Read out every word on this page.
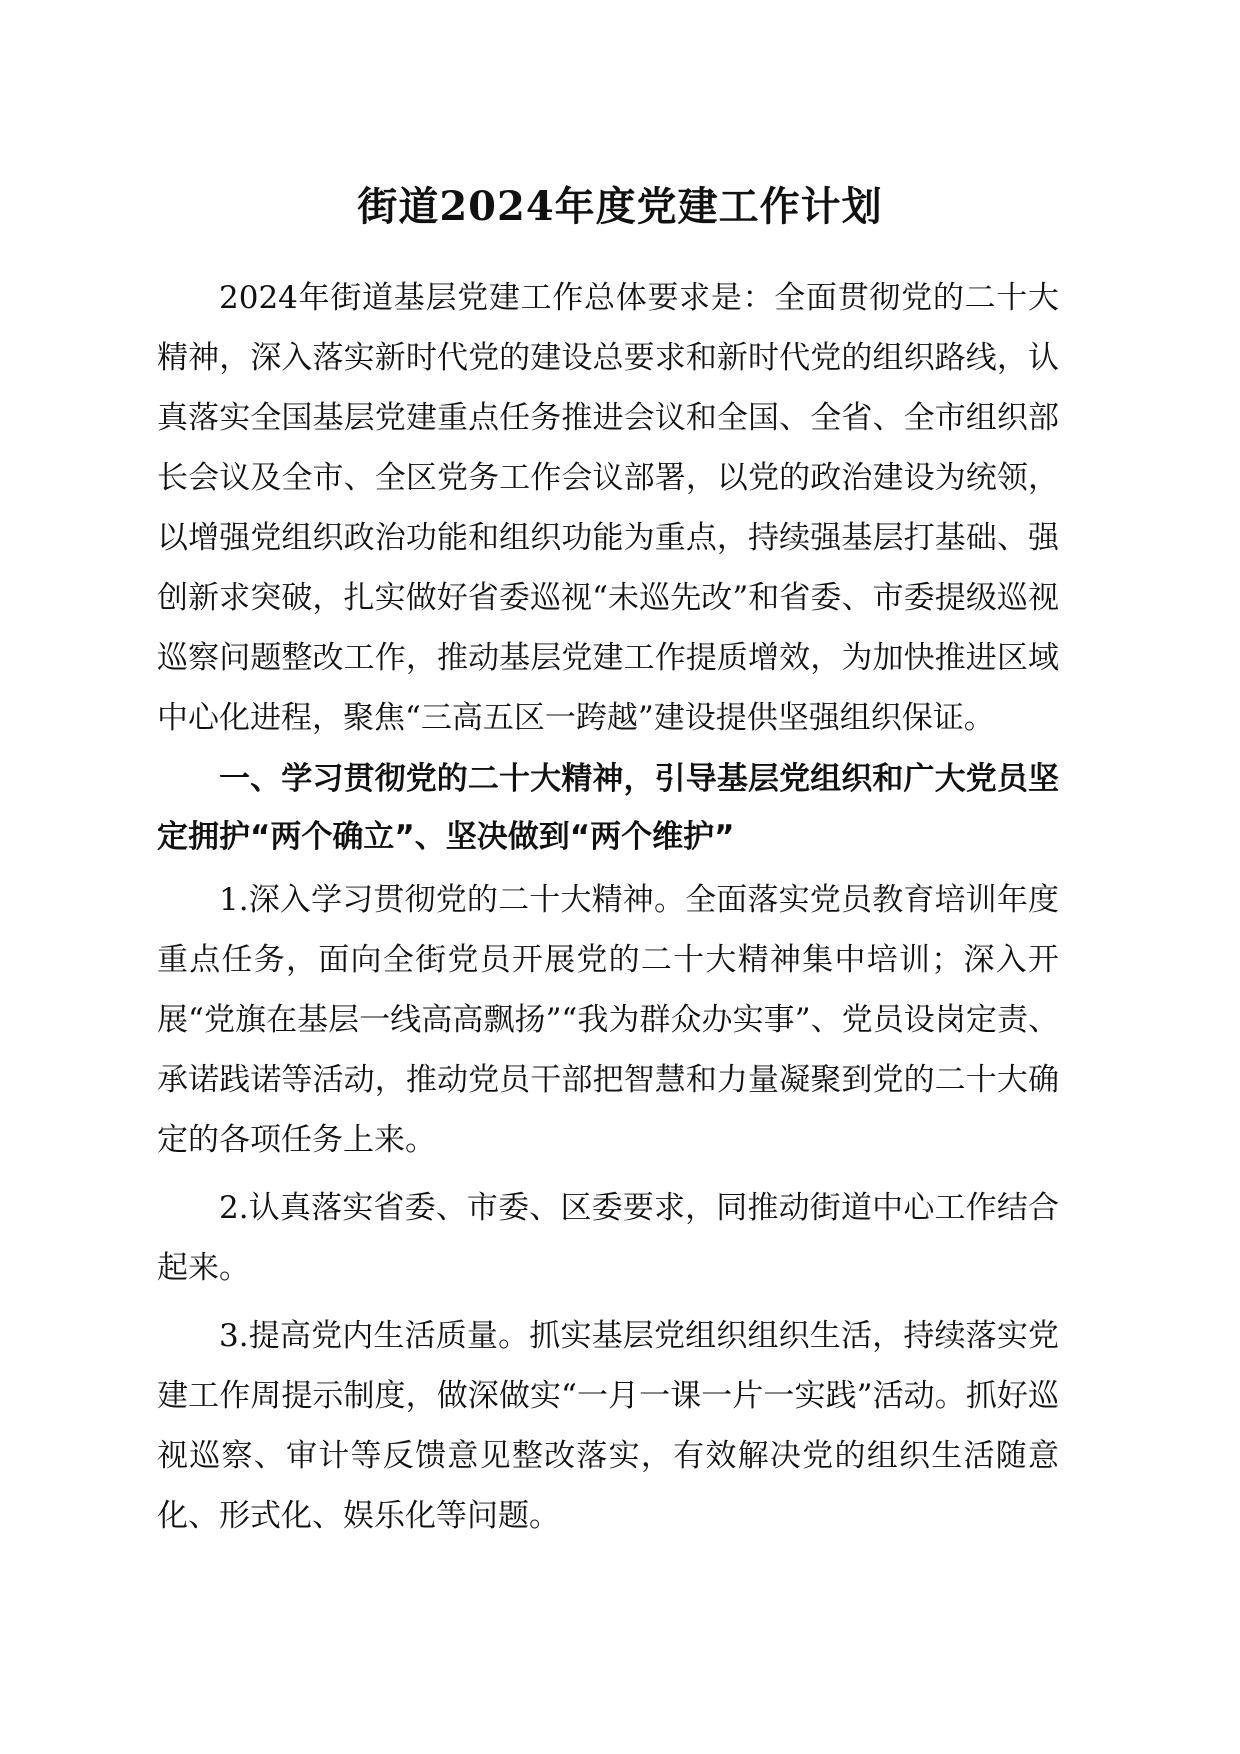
街道2024年度党建工作计划

2024年街道基层党建工作总体要求是：全面贯彻党的二十大精神，深入落实新时代党的建设总要求和新时代党的组织路线，认真落实全国基层党建重点任务推进会议和全国、全省、全市组织部长会议及全市、全区党务工作会议部署，以党的政治建设为统领，以增强党组织政治功能和组织功能为重点，持续强基层打基础、强创新求突破，扎实做好省委巡视“未巡先改”和省委、市委提级巡视巡察问题整改工作，推动基层党建工作提质增效，为加快推进区域中心化进程，聚焦“三高五区一跨越”建设提供坚强组织保证。

一、学习贯彻党的二十大精神，引导基层党组织和广大党员坚定拥护“两个确立”、坚决做到“两个维护”

1.深入学习贯彻党的二十大精神。全面落实党员教育培训年度重点任务，面向全街党员开展党的二十大精神集中培训；深入开展“党旗在基层一线高高飘扬”“我为群众办实事”、党员设岗定责、承诺践诺等活动，推动党员干部把智慧和力量凝聚到党的二十大确定的各项任务上来。

2.认真落实省委、市委、区委要求，同推动街道中心工作结合起来。

3.提高党内生活质量。抓实基层党组织组织生活，持续落实党建工作周提示制度，做深做实“一月一课一片一实践”活动。抓好巡视巡察、审计等反馈意见整改落实，有效解决党的组织生活随意化、形式化、娱乐化等问题。
